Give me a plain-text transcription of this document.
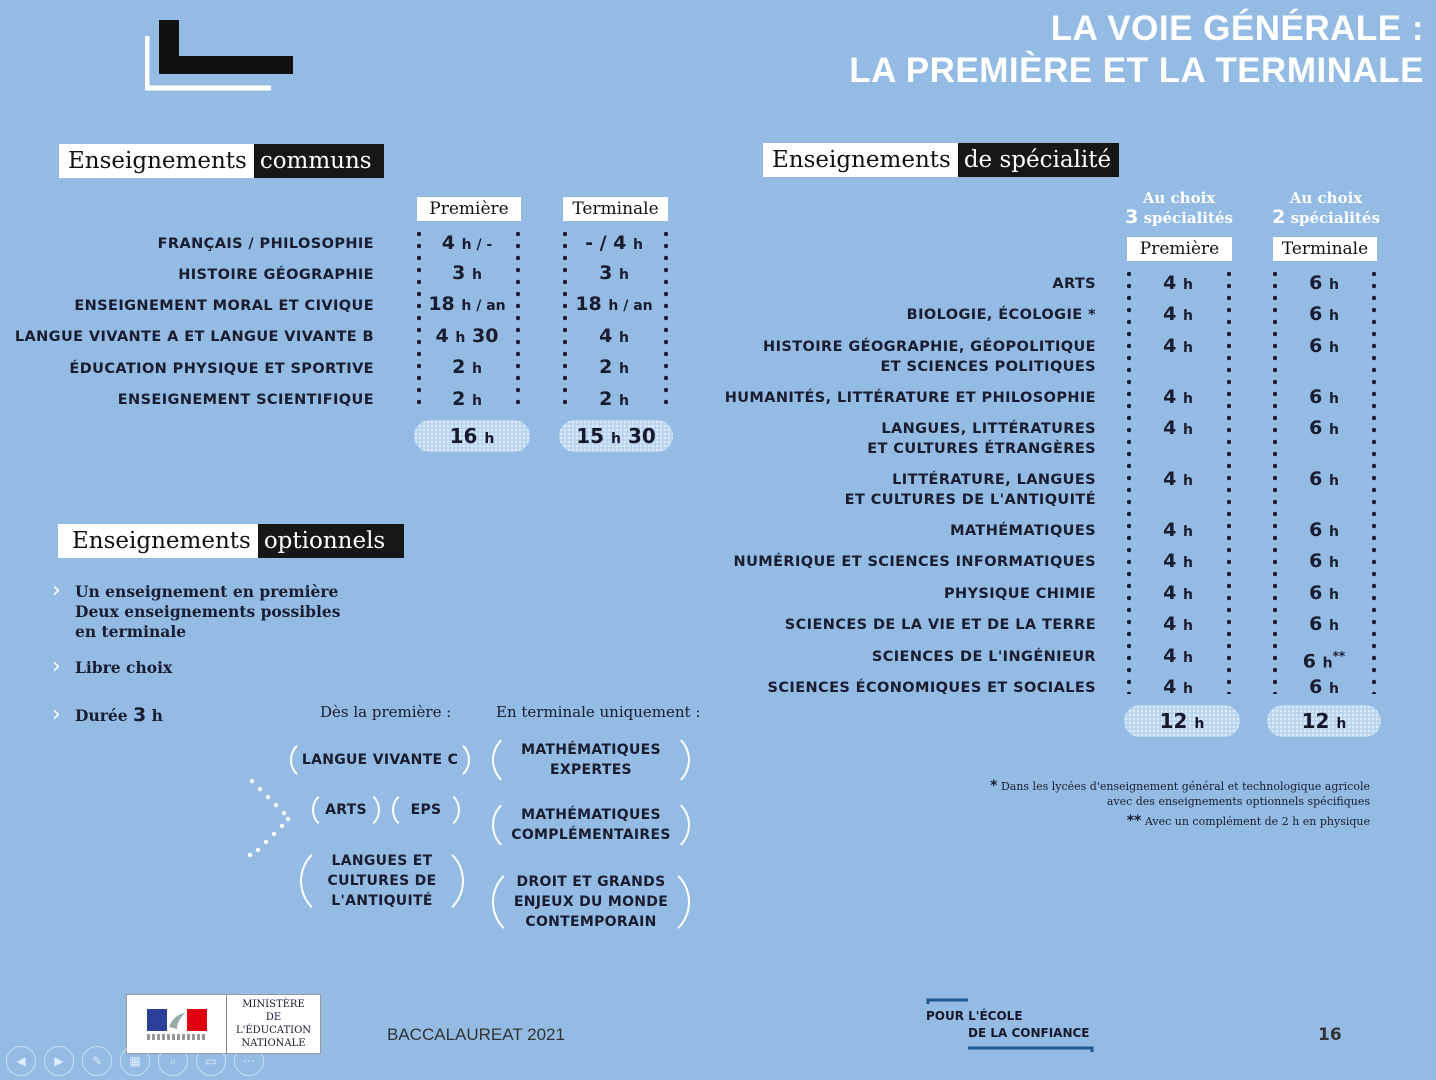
LA VOIE GÉNÉRALE :
LA PREMIÈRE ET LA TERMINALE
Enseignements communs
Première	Terminale
FRANÇAIS / PHILOSOPHIE	4 h / -	- / 4 h
HISTOIRE GÉOGRAPHIE	3 h	3 h
ENSEIGNEMENT MORAL ET CIVIQUE	18 h / an	18 h / an
LANGUE VIVANTE A ET LANGUE VIVANTE B	4 h 30	4 h
ÉDUCATION PHYSIQUE ET SPORTIVE	2 h	2 h
ENSEIGNEMENT SCIENTIFIQUE	2 h	2 h
16 h	15 h 30
Enseignements optionnels
› Un enseignement en première
Deux enseignements possibles
en terminale
› Libre choix
› Durée 3 h	Dès la première :	En terminale uniquement :
LANGUE VIVANTE C
ARTS	EPS
LANGUES ET
CULTURES DE
L'ANTIQUITÉ
MATHÉMATIQUES
EXPERTES
MATHÉMATIQUES
COMPLÉMENTAIRES
DROIT ET GRANDS
ENJEUX DU MONDE
CONTEMPORAIN
Enseignements de spécialité
Au choix
3 spécialités
Au choix
2 spécialités
Première	Terminale
ARTS	4 h	6 h
BIOLOGIE, ÉCOLOGIE *	4 h	6 h
HISTOIRE GÉOGRAPHIE, GÉOPOLITIQUE
ET SCIENCES POLITIQUES
4 h	6 h
HUMANITÉS, LITTÉRATURE ET PHILOSOPHIE	4 h	6 h
LANGUES, LITTÉRATURES
ET CULTURES ÉTRANGÈRES
4 h	6 h
LITTÉRATURE, LANGUES
ET CULTURES DE L'ANTIQUITÉ
4 h	6 h
MATHÉMATIQUES	4 h	6 h
NUMÉRIQUE ET SCIENCES INFORMATIQUES	4 h	6 h
PHYSIQUE CHIMIE	4 h	6 h
SCIENCES DE LA VIE ET DE LA TERRE	4 h	6 h
SCIENCES DE L'INGÉNIEUR	4 h	6 h**
SCIENCES ÉCONOMIQUES ET SOCIALES	4 h	6 h
12 h	12 h
* Dans les lycées d'enseignement général et technologique agricole
avec des enseignements optionnels spécifiques
** Avec un complément de 2 h en physique
MINISTÈRE
DE L'ÉDUCATION
NATIONALE	BACCALAUREAT 2021
POUR L'ÉCOLE
DE LA CONFIANCE	16
◀	▶	✎	▦	⌕	▭	⋯
